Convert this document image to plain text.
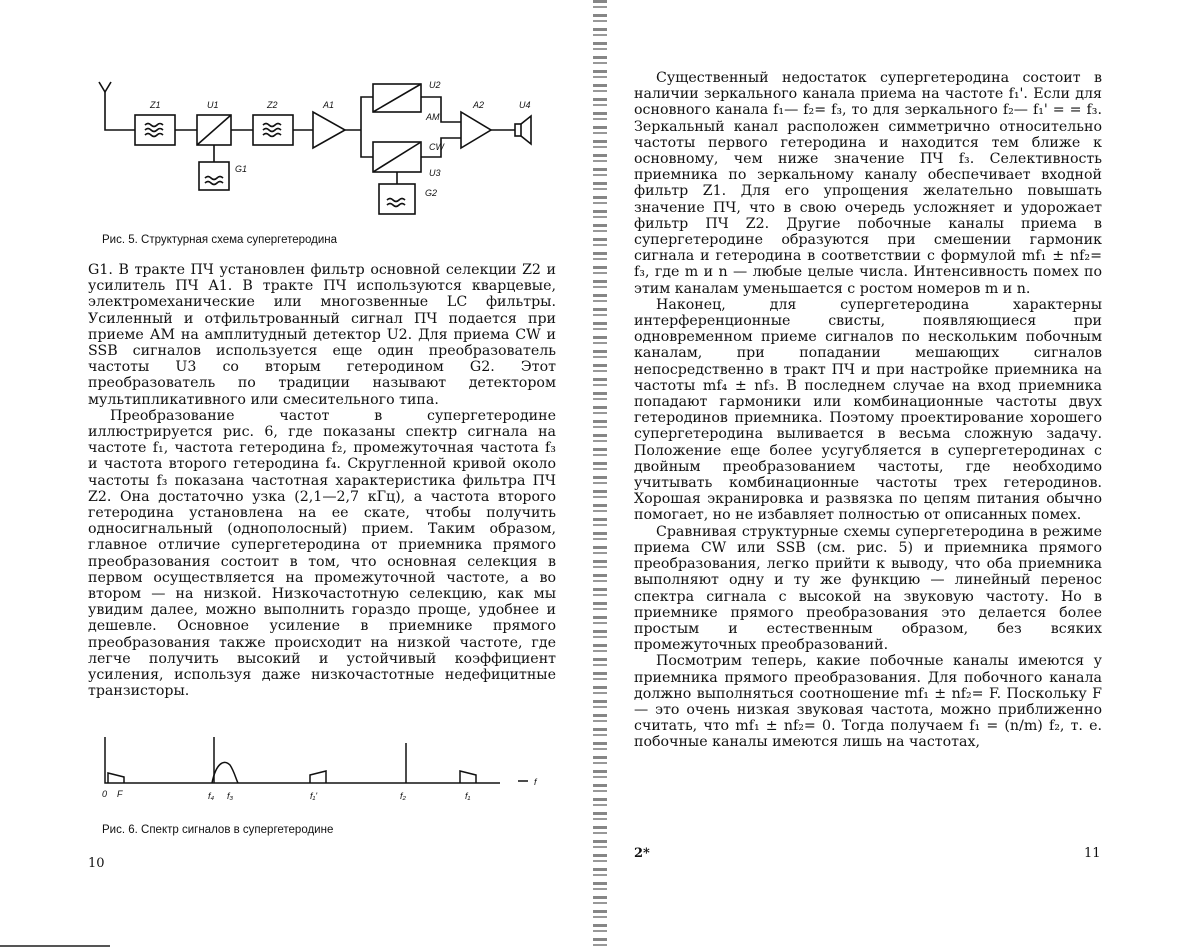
Z1	U1	Z2	A1
U2
AM
CW
U3
A2	U4
G1
G2
Рис. 5. Структурная схема супергетеродина

G1. В тракте ПЧ установлен фильтр основной селекции Z2 и усилитель ПЧ A1. В тракте ПЧ используются кварцевые, электромеханические или многозвенные LC фильтры. Усиленный и отфильтрованный сигнал ПЧ подается при приеме АМ на амплитудный детектор U2. Для приема CW и SSB сигналов используется еще один преобразователь частоты U3 со вторым гетеродином G2. Этот преобразователь по традиции называют детектором мультипликативного или смесительного типа.

Преобразование частот в супергетеродине иллюстрируется рис. 6, где показаны спектр сигнала на частоте f₁, частота гетеродина f₂, промежуточная частота f₃ и частота второго гетеродина f₄. Скругленной кривой около частоты f₃ показана частотная характеристика фильтра ПЧ Z2. Она достаточно узка (2,1—2,7 кГц), а частота второго гетеродина установлена на ее скате, чтобы получить односигнальный (однополосный) прием. Таким образом, главное отличие супергетеродина от приемника прямого преобразования состоит в том, что основная селекция в первом осуществляется на промежуточной частоте, а во втором — на низкой. Низкочастотную селекцию, как мы увидим далее, можно выполнить гораздо проще, удобнее и дешевле. Основное усиление в приемнике прямого преобразования также происходит на низкой частоте, где легче получить высокий и устойчивый коэффициент усиления, используя даже низкочастотные недефицитные транзисторы.

0 F	f₄ f₃	f₁'	f₂	f₁
f
Рис. 6. Спектр сигналов в супергетеродине
10

Существенный недостаток супергетеродина состоит в наличии зеркального канала приема на частоте f₁'. Если для основного канала f₁— f₂= f₃, то для зеркального f₂— f₁' = = f₃. Зеркальный канал расположен симметрично относительно частоты первого гетеродина и находится тем ближе к основному, чем ниже значение ПЧ f₃. Селективность приемника по зеркальному каналу обеспечивает входной фильтр Z1. Для его упрощения желательно повышать значение ПЧ, что в свою очередь усложняет и удорожает фильтр ПЧ Z2. Другие побочные каналы приема в супергетеродине образуются при смешении гармоник сигнала и гетеродина в соответствии с формулой mf₁ ± nf₂= f₃, где m и n — любые целые числа. Интенсивность помех по этим каналам уменьшается с ростом номеров m и n.

Наконец, для супергетеродина характерны интерференционные свисты, появляющиеся при одновременном приеме сигналов по нескольким побочным каналам, при попадании мешающих сигналов непосредственно в тракт ПЧ и при настройке приемника на частоты mf₄ ± nf₃. В последнем случае на вход приемника попадают гармоники или комбинационные частоты двух гетеродинов приемника. Поэтому проектирование хорошего супергетеродина выливается в весьма сложную задачу. Положение еще более усугубляется в супергетеродинах с двойным преобразованием частоты, где необходимо учитывать комбинационные частоты трех гетеродинов. Хорошая экранировка и развязка по цепям питания обычно помогает, но не избавляет полностью от описанных помех.

Сравнивая структурные схемы супергетеродина в режиме приема CW или SSB (см. рис. 5) и приемника прямого преобразования, легко прийти к выводу, что оба приемника выполняют одну и ту же функцию — линейный перенос спектра сигнала с высокой на звуковую частоту. Но в приемнике прямого преобразования это делается более простым и естественным образом, без всяких промежуточных преобразований.

Посмотрим теперь, какие побочные каналы имеются у приемника прямого преобразования. Для побочного канала должно выполняться соотношение mf₁ ± nf₂= F. Поскольку F — это очень низкая звуковая частота, можно приближенно считать, что mf₁ ± nf₂= 0. Тогда получаем f₁ = (n/m) f₂, т. е. побочные каналы имеются лишь на частотах,

2*	11
